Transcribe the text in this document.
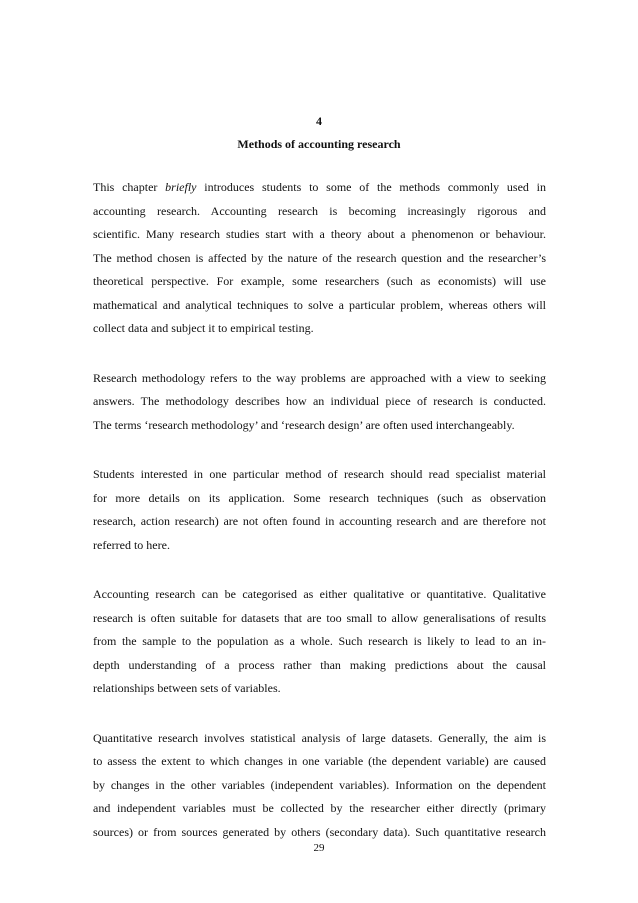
4
Methods of accounting research

This chapter briefly introduces students to some of the methods commonly used in
accounting research. Accounting research is becoming increasingly rigorous and
scientific. Many research studies start with a theory about a phenomenon or behaviour.
The method chosen is affected by the nature of the research question and the researcher’s
theoretical perspective. For example, some researchers (such as economists) will use
mathematical and analytical techniques to solve a particular problem, whereas others will
collect data and subject it to empirical testing.

Research methodology refers to the way problems are approached with a view to seeking
answers. The methodology describes how an individual piece of research is conducted.
The terms ‘research methodology’ and ‘research design’ are often used interchangeably.

Students interested in one particular method of research should read specialist material
for more details on its application. Some research techniques (such as observation
research, action research) are not often found in accounting research and are therefore not
referred to here.

Accounting research can be categorised as either qualitative or quantitative. Qualitative
research is often suitable for datasets that are too small to allow generalisations of results
from the sample to the population as a whole. Such research is likely to lead to an in-
depth understanding of a process rather than making predictions about the causal
relationships between sets of variables.

Quantitative research involves statistical analysis of large datasets. Generally, the aim is
to assess the extent to which changes in one variable (the dependent variable) are caused
by changes in the other variables (independent variables). Information on the dependent
and independent variables must be collected by the researcher either directly (primary
sources) or from sources generated by others (secondary data). Such quantitative research

29
